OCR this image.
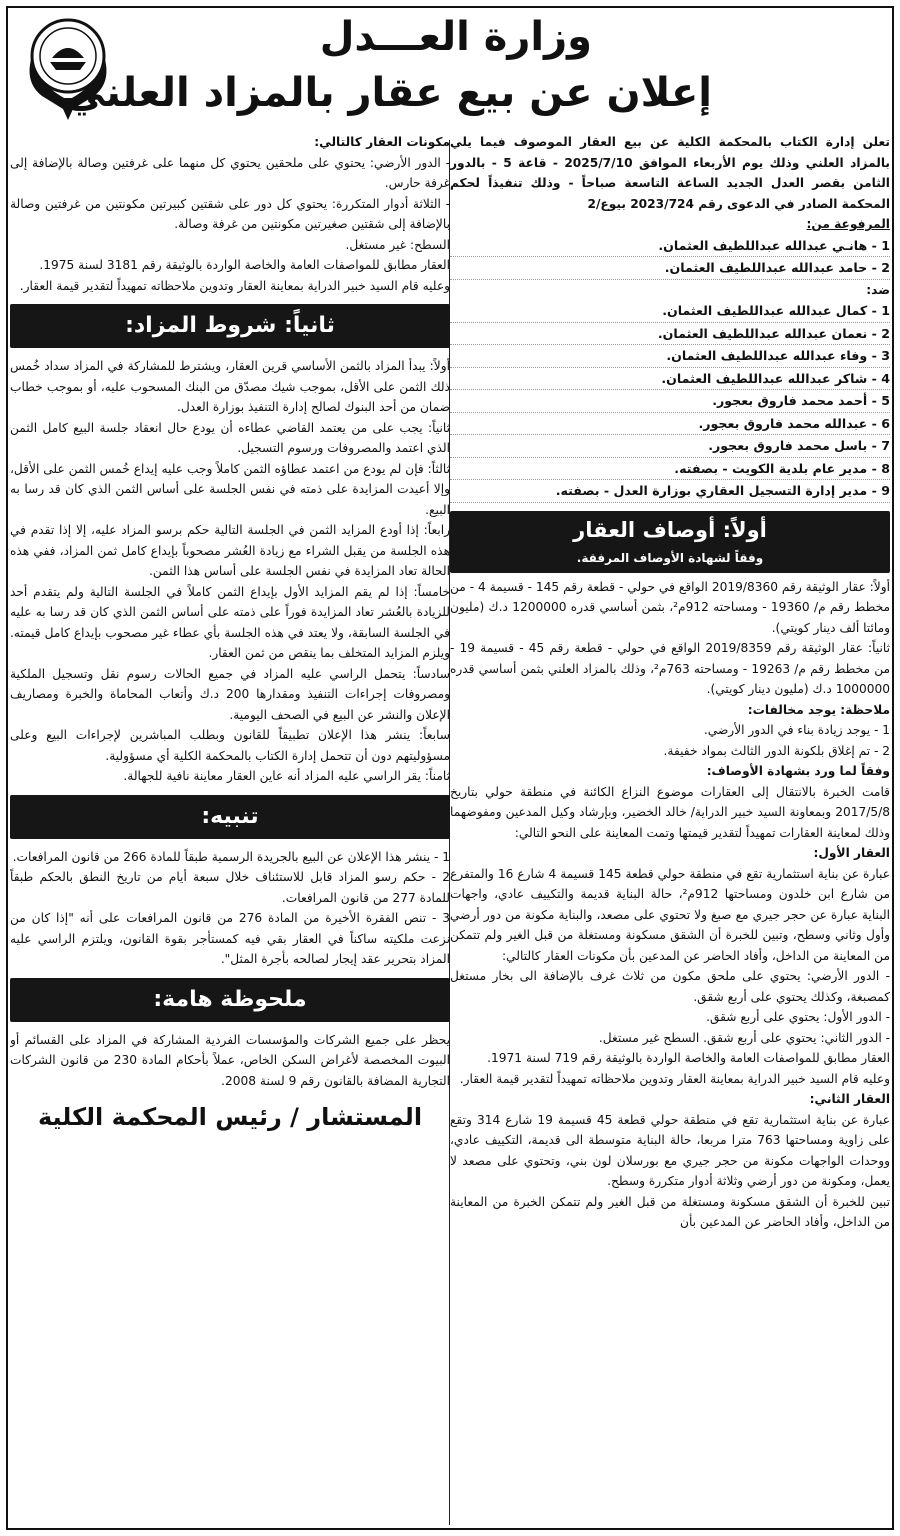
وزارة العـــدل
إعلان عن بيع عقار بالمزاد العلني

تعلن إدارة الكتاب بالمحكمة الكلية عن بيع العقار الموصوف فيما يلي بالمزاد العلني وذلك يوم الأربعاء الموافق 2025/7/10 - قاعة 5 - بالدور الثامن بقصر العدل الجديد الساعة التاسعة صباحاً - وذلك تنفيذاً لحكم المحكمة الصادر في الدعوى رقم 2023/724 بيوع/2

المرفوعة من:

1 - هانـي عبدالله عبداللطيف العثمان.
2 - حامد عبدالله عبداللطيف العثمان.

ضد:

1 - كمال عبدالله عبداللطيف العثمان.
2 - نعمان عبدالله عبداللطيف العثمان.
3 - وفاء عبدالله عبداللطيف العثمان.
4 - شاكر عبدالله عبداللطيف العثمان.
5 - أحمد محمد فاروق بعجور.
6 - عبدالله محمد فاروق بعجور.
7 - باسل محمد فاروق بعجور.
8 - مدير عام بلدية الكويت - بصفته.
9 - مدير إدارة التسجيل العقاري بوزارة العدل - بصفته.
أولاً: أوصاف العقار
وفقاً لشهادة الأوصاف المرفقة.

أولاً: عقار الوثيقة رقم 2019/8360 الواقع في حولي - قطعة رقم 145 - قسيمة 4 - من مخطط رقم م/ 19360 - ومساحته 912م²، بثمن أساسي قدره 1200000 د.ك (مليون ومائتا ألف دينار كويتي).

ثانياً: عقار الوثيقة رقم 2019/8359 الواقع في حولي - قطعة رقم 45 - قسيمة 19 - من مخطط رقم م/ 19263 - ومساحته 763م²، وذلك بالمزاد العلني بثمن أساسي قدره 1000000 د.ك (مليون دينار كويتي).

ملاحظة: يوجد مخالفات:

1 - يوجد زيادة بناء في الدور الأرضي.
2 - تم إغلاق بلكونة الدور الثالث بمواد خفيفة.

وفقاً لما ورد بشهادة الأوصاف:

قامت الخبرة بالانتقال إلى العقارات موضوع النزاع الكائنة في منطقة حولي بتاريخ 2017/5/8 وبمعاونة السيد خبير الدراية/ خالد الخضير، وبإرشاد وكيل المدعين ومفوضهما وذلك لمعاينة العقارات تمهيداً لتقدير قيمتها وتمت المعاينة على النحو التالي:

العقار الأول:

عبارة عن بناية استثمارية تقع في منطقة حولي قطعة 145 قسيمة 4 شارع 16 والمتفرع من شارع ابن خلدون ومساحتها 912م²، حالة البناية قديمة والتكييف عادي، واجهات البناية عبارة عن حجر جيري مع صبغ ولا تحتوي على مصعد، والبناية مكونة من دور أرضي وأول وثاني وسطح، وتبين للخبرة أن الشقق مسكونة ومستغلة من قبل الغير ولم تتمكن من المعاينة من الداخل، وأفاد الحاضر عن المدعين بأن مكونات العقار كالتالي:

- الدور الأرضي: يحتوي على ملحق مكون من ثلاث غرف بالإضافة الى بخار مستغل كمصبغة، وكذلك يحتوي على أربع شقق.
- الدور الأول: يحتوي على أربع شقق.
- الدور الثاني: يحتوي على أربع شقق. السطح غير مستغل.

العقار مطابق للمواصفات العامة والخاصة الواردة بالوثيقة رقم 719 لسنة 1971.

وعليه قام السيد خبير الدراية بمعاينة العقار وتدوين ملاحظاته تمهيداً لتقدير قيمة العقار.

العقار الثاني:

عبارة عن بناية استثمارية تقع في منطقة حولي قطعة 45 قسيمة 19 شارع 314 وتقع على زاوية ومساحتها 763 مترا مربعا، حالة البناية متوسطة الى قديمة، التكييف عادي، ووحدات الواجهات مكونة من حجر جيري مع بورسلان لون بني، وتحتوي على مصعد لا يعمل، ومكونة من دور أرضي وثلاثة أدوار متكررة وسطح.

تبين للخبرة أن الشقق مسكونة ومستغلة من قبل الغير ولم تتمكن الخبرة من المعاينة من الداخل، وأفاد الحاضر عن المدعين بأن

مكونات العقار كالتالي:

- الدور الأرضي: يحتوي على ملحقين يحتوي كل منهما على غرفتين وصالة بالإضافة إلى غرفة حارس.

- الثلاثة أدوار المتكررة: يحتوي كل دور على شقتين كبيرتين مكونتين من غرفتين وصالة بالإضافة إلى شقتين صغيرتين مكونتين من غرفة وصالة.

السطح: غير مستغل.

العقار مطابق للمواصفات العامة والخاصة الواردة بالوثيقة رقم 3181 لسنة 1975.

وعليه قام السيد خبير الدراية بمعاينة العقار وتدوين ملاحظاته تمهيداً لتقدير قيمة العقار.

ثانياً: شروط المزاد:

أولاً: يبدأ المزاد بالثمن الأساسي قرين العقار، ويشترط للمشاركة في المزاد سداد خُمس ذلك الثمن على الأقل، بموجب شيك مصدّق من البنك المسحوب عليه، أو بموجب خطاب ضمان من أحد البنوك لصالح إدارة التنفيذ بوزارة العدل.

ثانياً: يجب على من يعتمد القاضي عطاءه أن يودع حال انعقاد جلسة البيع كامل الثمن الذي اعتمد والمصروفات ورسوم التسجيل.

ثالثاً: فإن لم يودع من اعتمد عطاؤه الثمن كاملاً وجب عليه إيداع خُمس الثمن على الأقل، وإلا أعيدت المزايدة على ذمته في نفس الجلسة على أساس الثمن الذي كان قد رسا به البيع.

رابعاً: إذا أودع المزايد الثمن في الجلسة التالية حكم برسو المزاد عليه، إلا إذا تقدم في هذه الجلسة من يقبل الشراء مع زيادة العُشر مصحوباً بإيداع كامل ثمن المزاد، ففي هذه الحالة تعاد المزايدة في نفس الجلسة على أساس هذا الثمن.

خامساً: إذا لم يقم المزايد الأول بإيداع الثمن كاملاً في الجلسة التالية ولم يتقدم أحد للزيادة بالعُشر تعاد المزايدة فوراً على ذمته على أساس الثمن الذي كان قد رسا به عليه في الجلسة السابقة، ولا يعتد في هذه الجلسة بأي عطاء غير مصحوب بإيداع كامل قيمته. ويلزم المزايد المتخلف بما ينقص من ثمن العقار.

سادساً: يتحمل الراسي عليه المزاد في جميع الحالات رسوم نقل وتسجيل الملكية ومصروفات إجراءات التنفيذ ومقدارها 200 د.ك وأتعاب المحاماة والخبرة ومصاريف الإعلان والنشر عن البيع في الصحف اليومية.

سابعاً: ينشر هذا الإعلان تطبيقاً للقانون وبطلب المباشرين لإجراءات البيع وعلى مسؤوليتهم دون أن تتحمل إدارة الكتاب بالمحكمة الكلية أي مسؤولية.

ثامناً: يقر الراسي عليه المزاد أنه عاين العقار معاينة نافية للجهالة.

تنبيه:

1 - ينشر هذا الإعلان عن البيع بالجريدة الرسمية طبقاً للمادة 266 من قانون المرافعات.

2 - حكم رسو المزاد قابل للاستئناف خلال سبعة أيام من تاريخ النطق بالحكم طبقاً للمادة 277 من قانون المرافعات.

3 - تنص الفقرة الأخيرة من المادة 276 من قانون المرافعات على أنه "إذا كان من نزعت ملكيته ساكناً في العقار بقي فيه كمستأجر بقوة القانون، ويلتزم الراسي عليه المزاد بتحرير عقد إيجار لصالحه بأجرة المثل".

ملحوظة هامة:

يحظر على جميع الشركات والمؤسسات الفردية المشاركة في المزاد على القسائم أو البيوت المخصصة لأغراض السكن الخاص، عملاً بأحكام المادة 230 من قانون الشركات التجارية المضافة بالقانون رقم 9 لسنة 2008.

المستشار / رئيس المحكمة الكلية
